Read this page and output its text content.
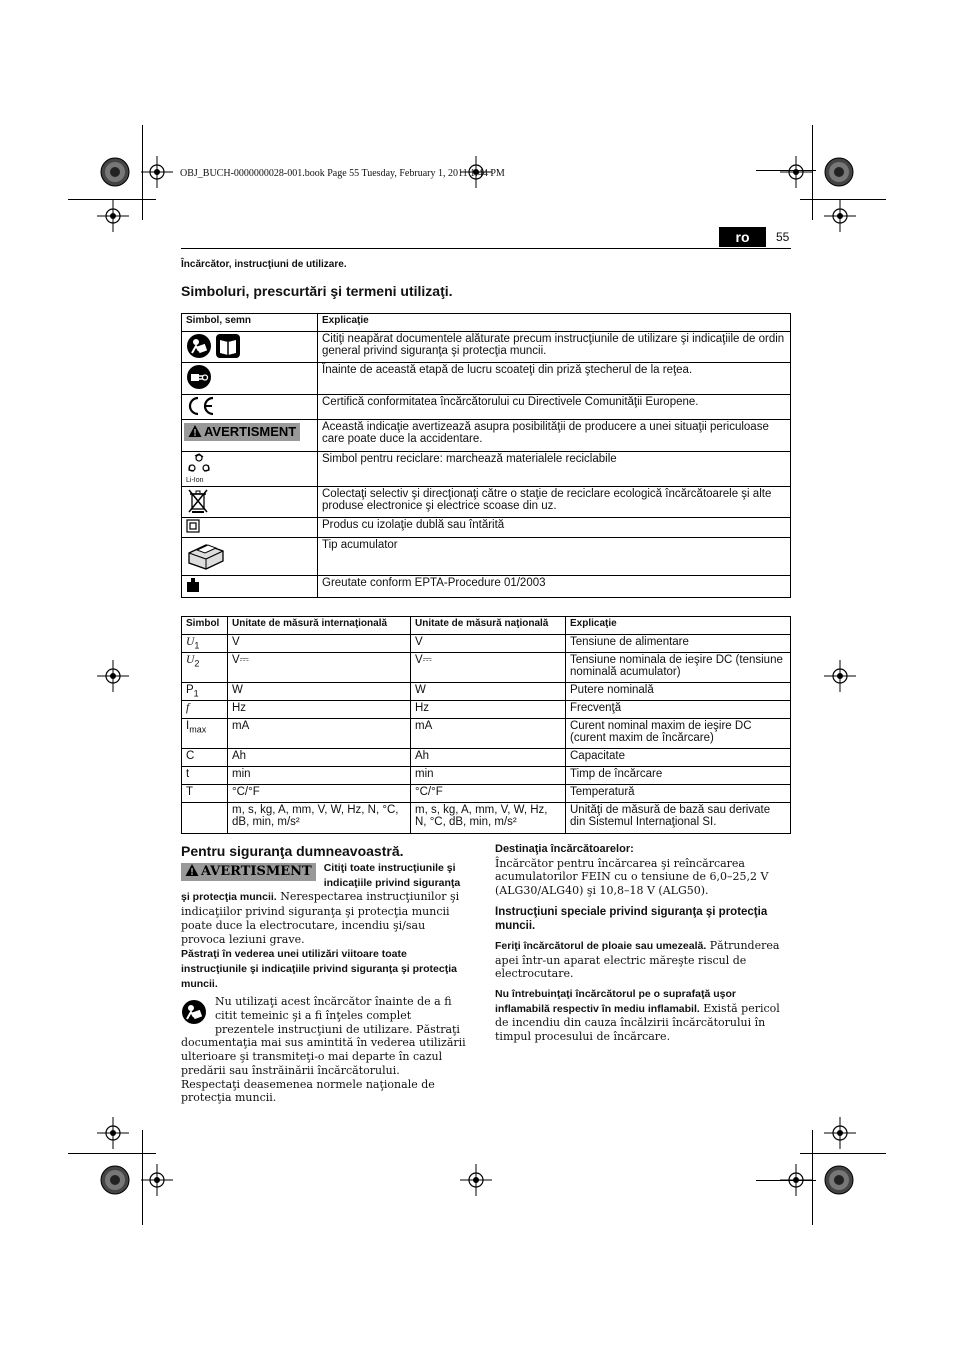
OBJ_BUCH-0000000028-001.book Page 55 Tuesday, February 1, 2011 1:44 PM
ro	55
Încărcător, instrucţiuni de utilizare.
Simboluri, prescurtări şi termeni utilizaţi.
Simbol, semn	Explicaţie
	Citiţi neapărat documentele alăturate precum instrucţiunile de utilizare şi indicaţiile de ordin general privind siguranţa şi protecţia muncii.
	Înainte de această etapă de lucru scoateţi din priză ştecherul de la reţea.
	Certifică conformitatea încărcătorului cu Directivele Comunităţii Europene.
AVERTISMENT	Această indicaţie avertizează asupra posibilităţii de producere a unei situaţii periculoase care poate duce la accidentare.

Li-Ion	Simbol pentru reciclare: marchează materialele reciclabile
	Colectaţi selectiv şi direcţionaţi către o staţie de reciclare ecologică încărcătoarele şi alte produse electronice şi electrice scoase din uz.
	Produs cu izolaţie dublă sau întărită
	Tip acumulator
	Greutate conform EPTA-Procedure 01/2003
Simbol	Unitate de măsură internaţională	Unitate de măsură naţională	Explicaţie
$U_1$	V	V	Tensiune de alimentare
$U_2$	V⎓	V⎓	Tensiune nominala de ieşire DC (tensiune nominală acumulator)
$P_1$	W	W	Putere nominală
f	Hz	Hz	Frecvenţă
$I_{max}$	mA	mA	Curent nominal maxim de ieşire DC (curent maxim de încărcare)
C	Ah	Ah	Capacitate
t	min	min	Timp de încărcare
T	°C/°F	°C/°F	Temperatură
	m, s, kg, A, mm, V, W, Hz, N, °C, dB, min, m/s²	m, s, kg, A, mm, V, W, Hz, N, °C, dB, min, m/s²	Unităţi de măsură de bază sau derivate din Sistemul Internaţional SI.
Pentru siguranţa dumneavoastră.
AVERTISMENT	Citiţi toate instrucţiunile şi indicaţiile privind siguranţa şi protecţia muncii. Nerespectarea instrucţiunilor şi indicaţiilor privind siguranţa şi protecţia muncii poate duce la electrocutare, incendiu şi/sau provoca leziuni grave.
Păstraţi în vederea unei utilizări viitoare toate instrucţiunile şi indicaţiile privind siguranţa şi protecţia muncii.
Nu utilizaţi acest încărcător înainte de a fi citit temeinic şi a fi înţeles complet prezentele instrucţiuni de utilizare. Păstraţi documentaţia mai sus amintită în vederea utilizării ulterioare şi transmiteţi-o mai departe în cazul predării sau înstrăinării încărcătorului.
Respectaţi deasemenea normele naţionale de protecţia muncii.
Destinaţia încărcătoarelor:
Încărcător pentru încărcarea şi reîncărcarea acumulatorilor FEIN cu o tensiune de 6,0–25,2 V (ALG30/ALG40) şi 10,8–18 V (ALG50).
Instrucţiuni speciale privind siguranţa şi protecţia muncii.
Feriţi încărcătorul de ploaie sau umezeală. Pătrunderea apei într-un aparat electric măreşte riscul de electrocutare.
Nu întrebuinţaţi încărcătorul pe o suprafaţă uşor inflamabilă respectiv în mediu inflamabil. Există pericol de incendiu din cauza încălzirii încărcătorului în timpul procesului de încărcare.
